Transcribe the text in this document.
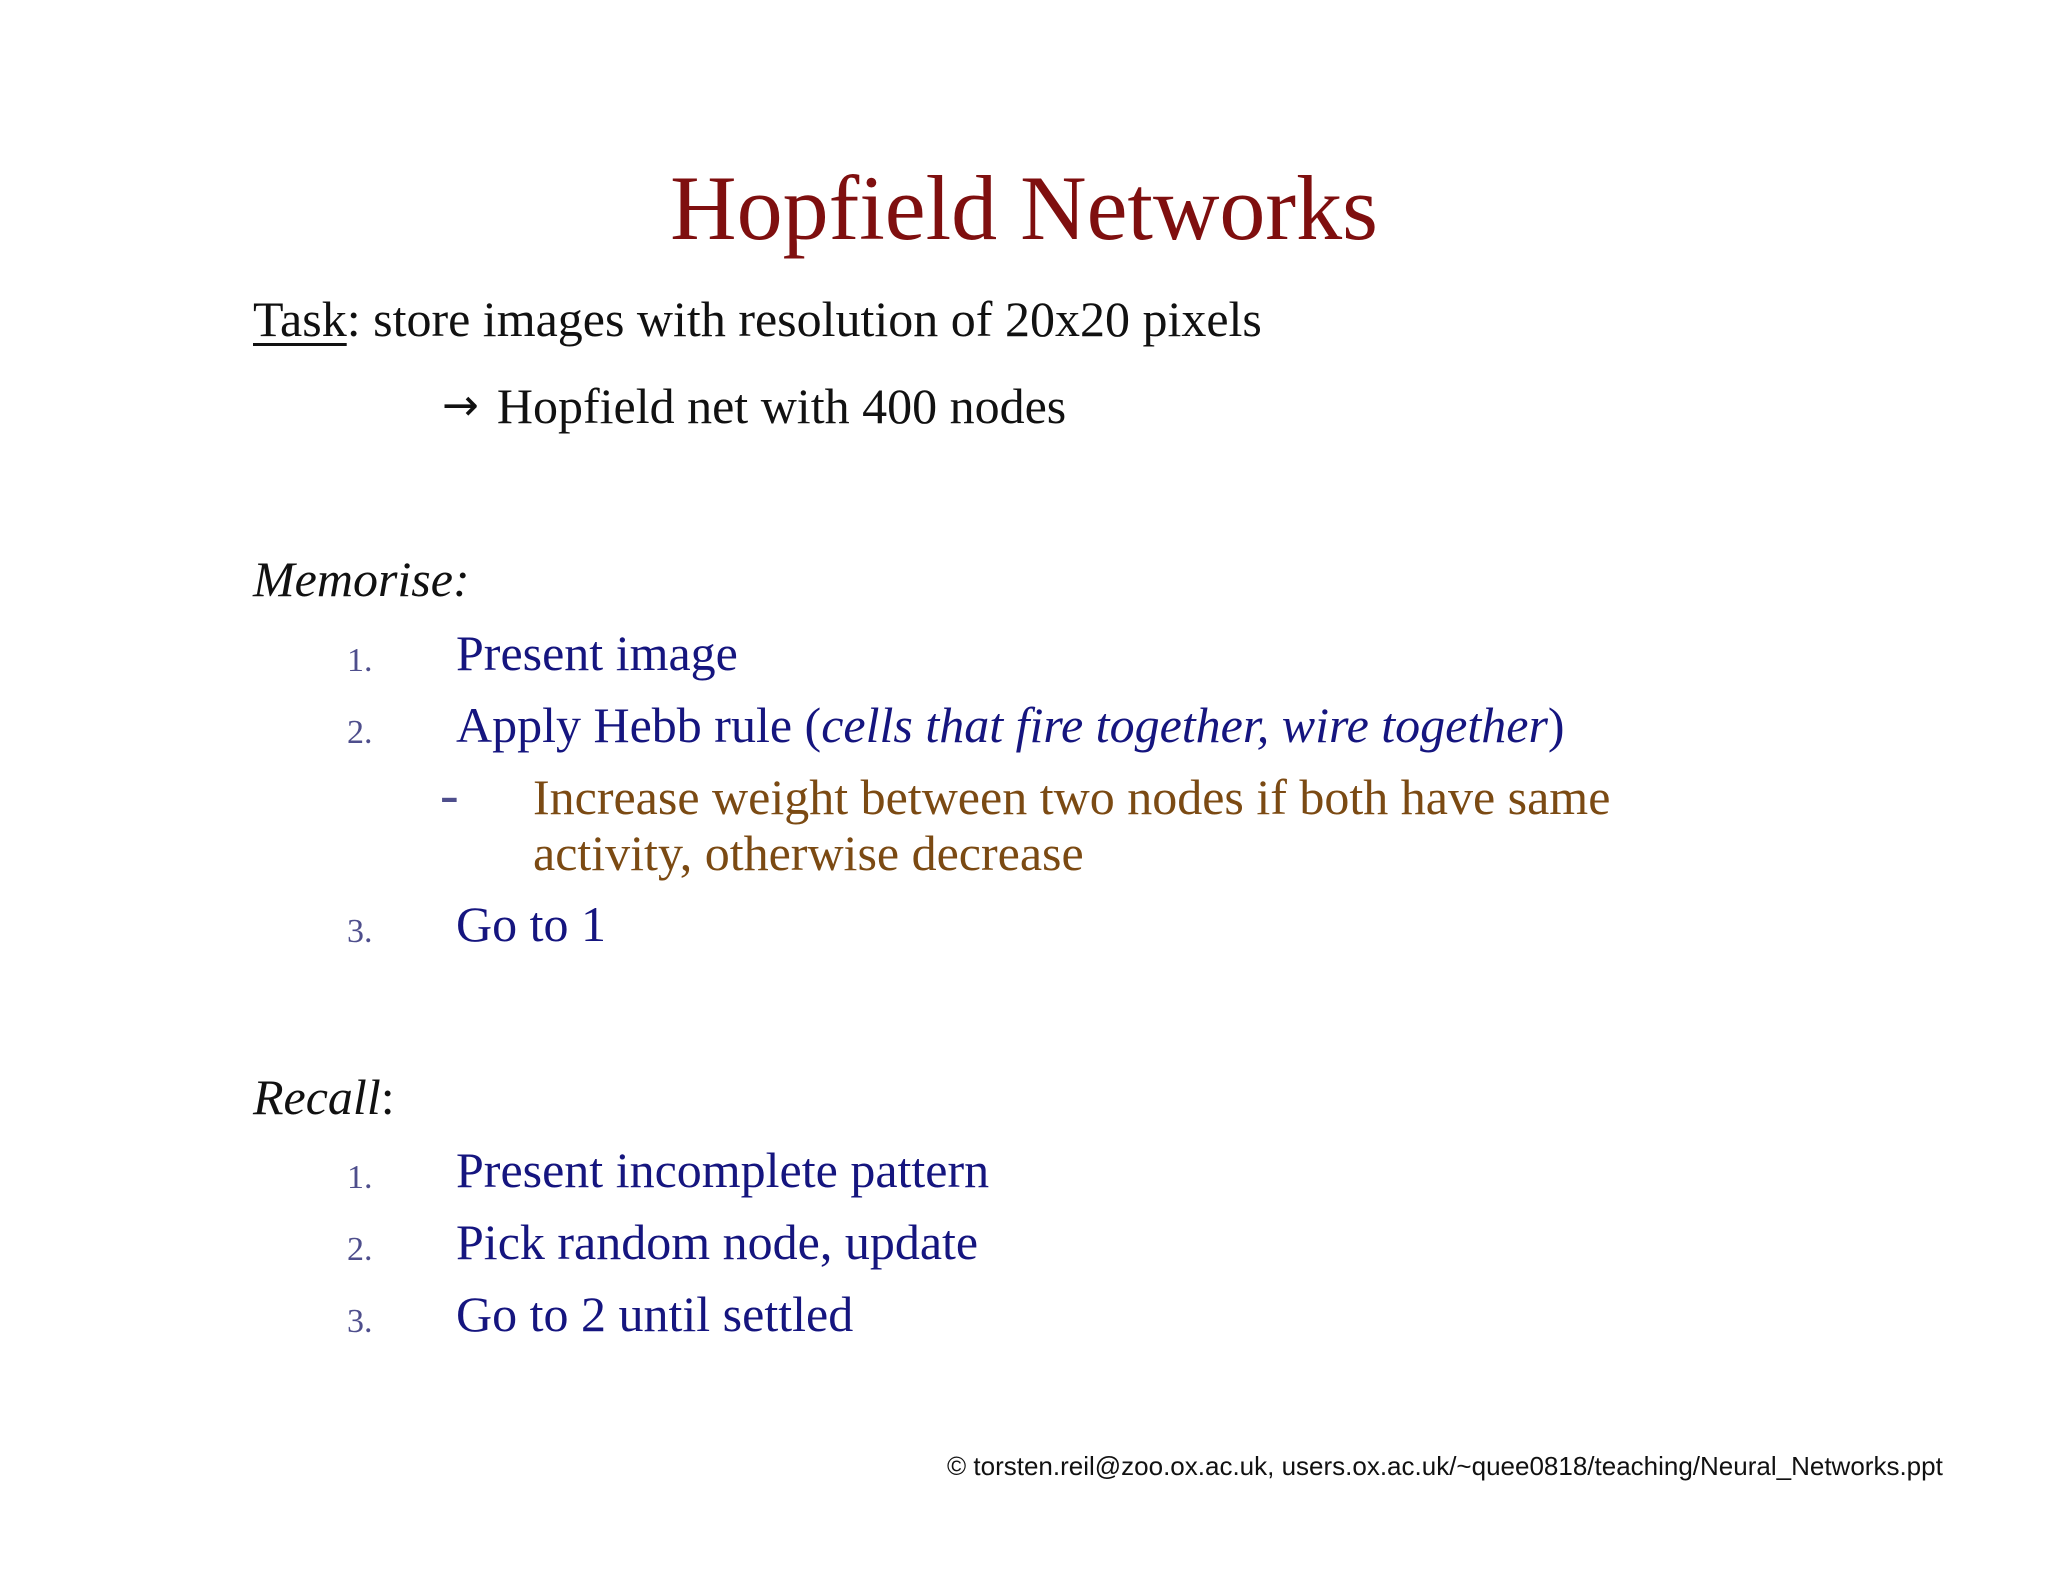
Hopfield Networks
Task: store images with resolution of 20x20 pixels
→ Hopfield net with 400 nodes
Memorise:
1. Present image
2. Apply Hebb rule (cells that fire together, wire together)
- Increase weight between two nodes if both have same
activity, otherwise decrease
3. Go to 1
Recall:
1. Present incomplete pattern
2. Pick random node, update
3. Go to 2 until settled
© torsten.reil@zoo.ox.ac.uk, users.ox.ac.uk/~quee0818/teaching/Neural_Networks.ppt
